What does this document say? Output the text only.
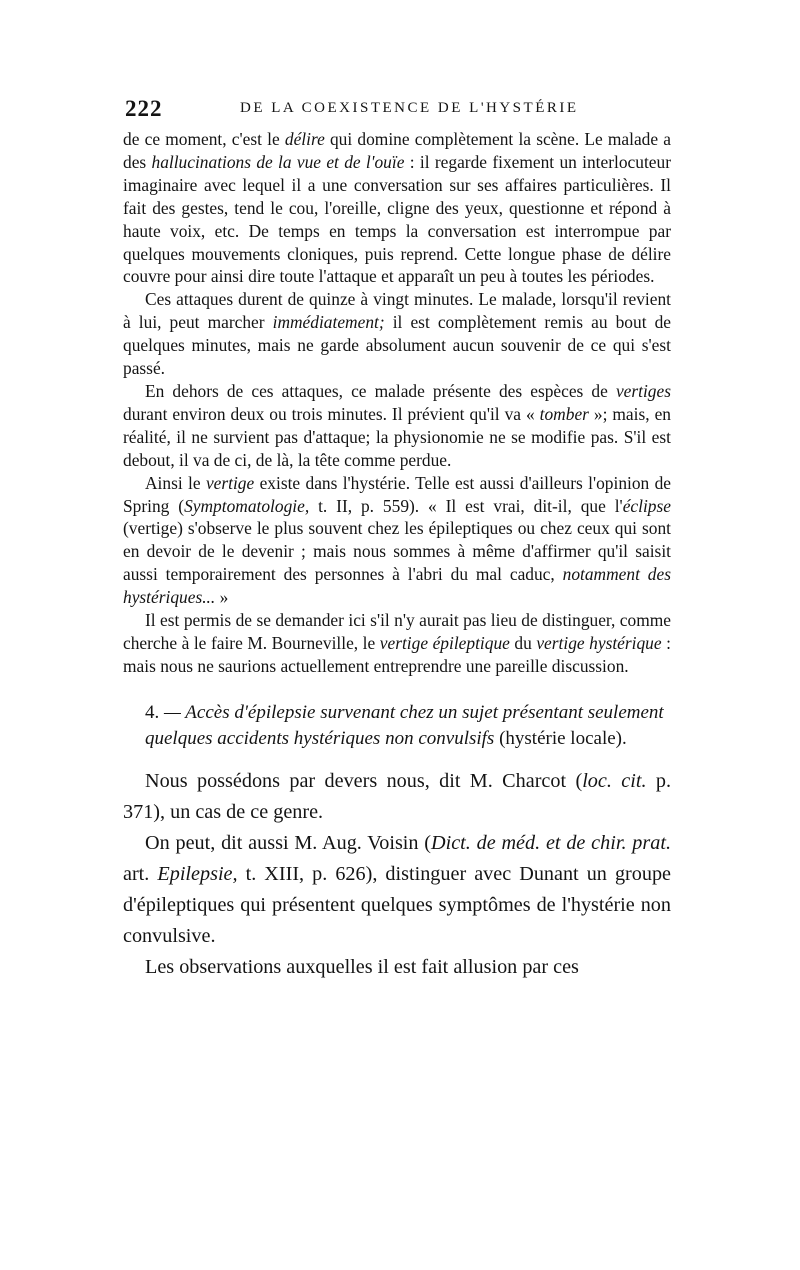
222	DE LA COEXISTENCE DE L'HYSTÉRIE

de ce moment, c'est le délire qui domine complètement la scène. Le malade a des hallucinations de la vue et de l'ouïe : il regarde fixement un interlocuteur imaginaire avec lequel il a une conversation sur ses affaires particulières. Il fait des gestes, tend le cou, l'oreille, cligne des yeux, questionne et répond à haute voix, etc. De temps en temps la conversation est interrompue par quelques mouvements cloniques, puis reprend. Cette longue phase de délire couvre pour ainsi dire toute l'attaque et apparaît un peu à toutes les périodes.

Ces attaques durent de quinze à vingt minutes. Le malade, lorsqu'il revient à lui, peut marcher immédiatement; il est complètement remis au bout de quelques minutes, mais ne garde absolument aucun souvenir de ce qui s'est passé.

En dehors de ces attaques, ce malade présente des espèces de vertiges durant environ deux ou trois minutes. Il prévient qu'il va « tomber »; mais, en réalité, il ne survient pas d'attaque; la physionomie ne se modifie pas. S'il est debout, il va de ci, de là, la tête comme perdue.

Ainsi le vertige existe dans l'hystérie. Telle est aussi d'ailleurs l'opinion de Spring (Symptomatologie, t. II, p. 559). « Il est vrai, dit-il, que l'éclipse (vertige) s'observe le plus souvent chez les épileptiques ou chez ceux qui sont en devoir de le devenir ; mais nous sommes à même d'affirmer qu'il saisit aussi temporairement des personnes à l'abri du mal caduc, notamment des hystériques... »

Il est permis de se demander ici s'il n'y aurait pas lieu de distinguer, comme cherche à le faire M. Bourneville, le vertige épileptique du vertige hystérique : mais nous ne saurions actuellement entreprendre une pareille discussion.

4. — Accès d'épilepsie survenant chez un sujet présentant seulement quelques accidents hystériques non convulsifs (hystérie locale).

Nous possédons par devers nous, dit M. Charcot (loc. cit. p. 371), un cas de ce genre.

On peut, dit aussi M. Aug. Voisin (Dict. de méd. et de chir. prat. art. Epilepsie, t. XIII, p. 626), distinguer avec Dunant un groupe d'épileptiques qui présentent quelques symptômes de l'hystérie non convulsive.

Les observations auxquelles il est fait allusion par ces
